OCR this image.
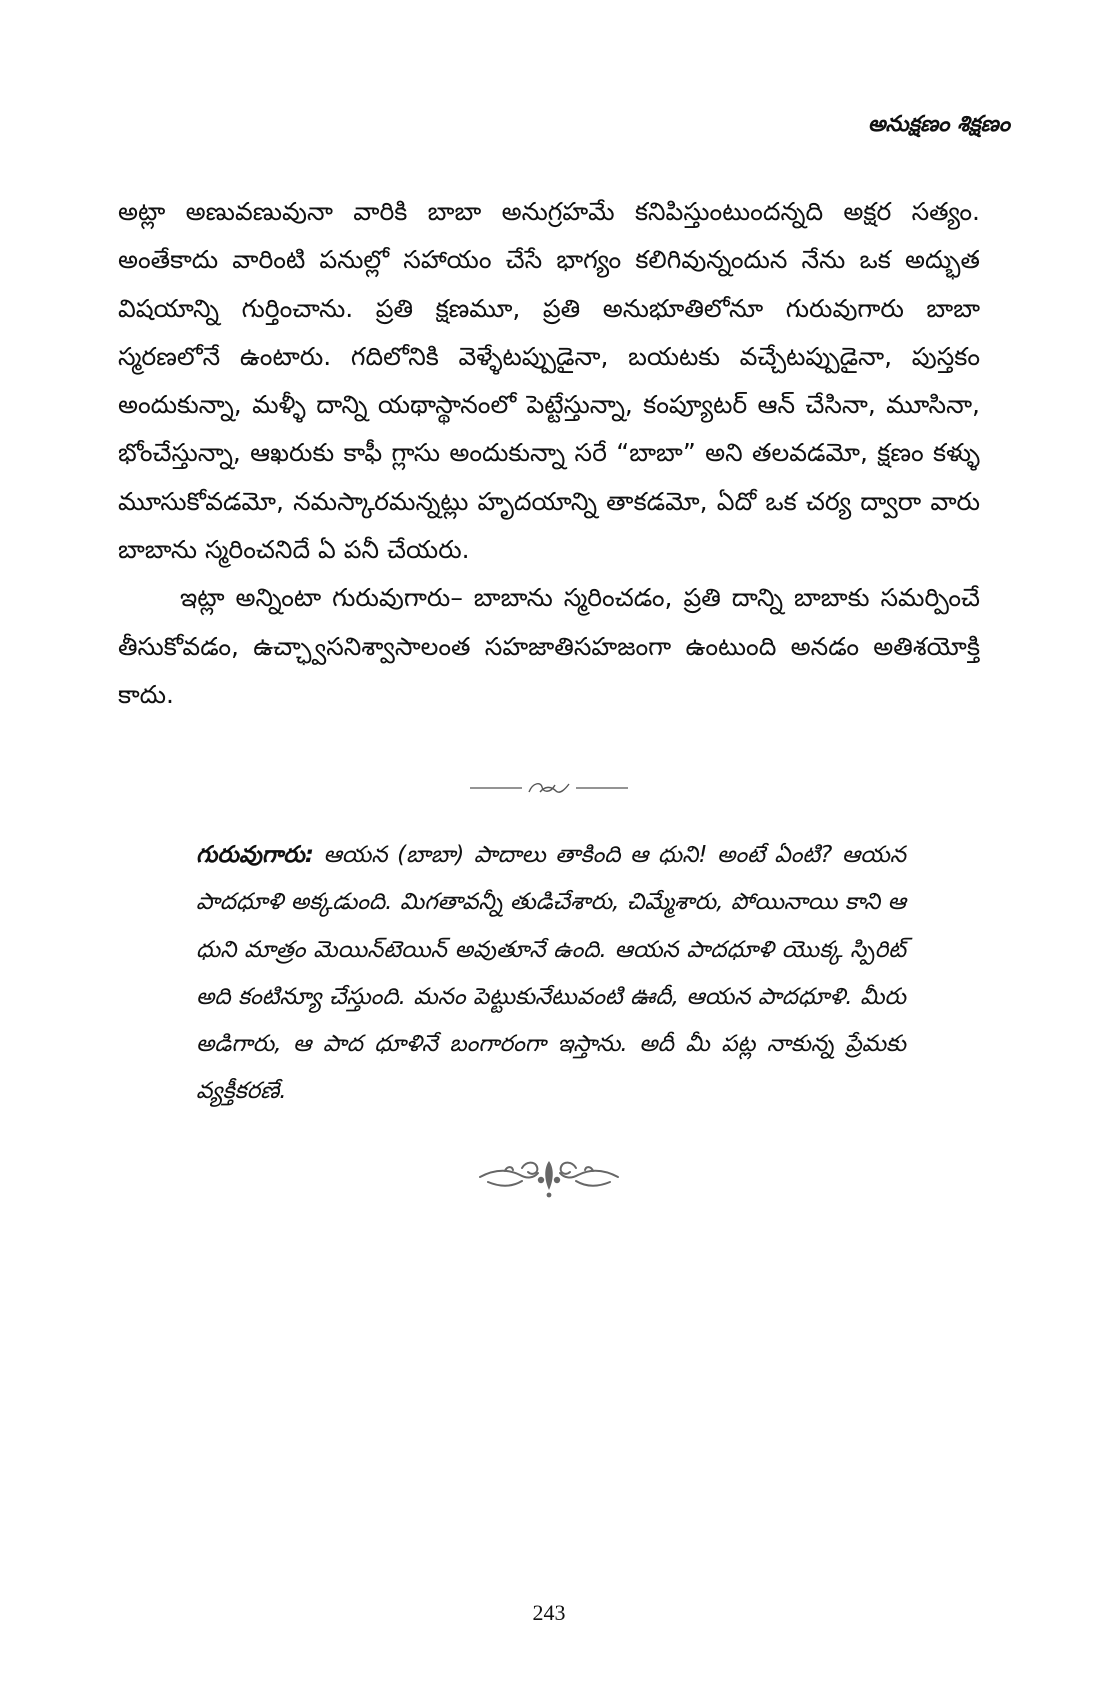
అనుక్షణం శిక్షణం

అట్లా అణువణువునా వారికి బాబా అనుగ్రహమే కనిపిస్తుంటుందన్నది అక్షర సత్యం. అంతేకాదు వారింటి పనుల్లో సహాయం చేసే భాగ్యం కలిగివున్నందున నేను ఒక అద్భుత విషయాన్ని గుర్తించాను. ప్రతి క్షణమూ, ప్రతి అనుభూతిలోనూ గురువుగారు బాబా స్మరణలోనే ఉంటారు. గదిలోనికి వెళ్ళేటప్పుడైనా, బయటకు వచ్చేటప్పుడైనా, పుస్తకం అందుకున్నా, మళ్ళీ దాన్ని యథాస్థానంలో పెట్టేస్తున్నా, కంప్యూటర్ ఆన్ చేసినా, మూసినా, భోంచేస్తున్నా, ఆఖరుకు కాఫీ గ్లాసు అందుకున్నా సరే “బాబా” అని తలవడమో, క్షణం కళ్ళు మూసుకోవడమో, నమస్కారమన్నట్లు హృదయాన్ని తాకడమో, ఏదో ఒక చర్య ద్వారా వారు బాబాను స్మరించనిదే ఏ పనీ చేయరు.

ఇట్లా అన్నింటా గురువుగారు– బాబాను స్మరించడం, ప్రతి దాన్ని బాబాకు సమర్పించే తీసుకోవడం, ఉచ్ఛ్వాసనిశ్వాసాలంత సహజాతిసహజంగా ఉంటుంది అనడం అతిశయోక్తి కాదు.

గురువుగారు: ఆయన (బాబా) పాదాలు తాకింది ఆ ధుని! అంటే ఏంటి? ఆయన పాదధూళి అక్కడుంది. మిగతావన్నీ తుడిచేశారు, చిమ్మేశారు, పోయినాయి కాని ఆ ధుని మాత్రం మెయిన్‌టెయిన్ అవుతూనే ఉంది. ఆయన పాదధూళి యొక్క స్పిరిట్ అది కంటిన్యూ చేస్తుంది. మనం పెట్టుకునేటువంటి ఊదీ, ఆయన పాదధూళి. మీరు అడిగారు, ఆ పాద ధూళినే బంగారంగా ఇస్తాను. అదీ మీ పట్ల నాకున్న ప్రేమకు వ్యక్తీకరణే.

243
